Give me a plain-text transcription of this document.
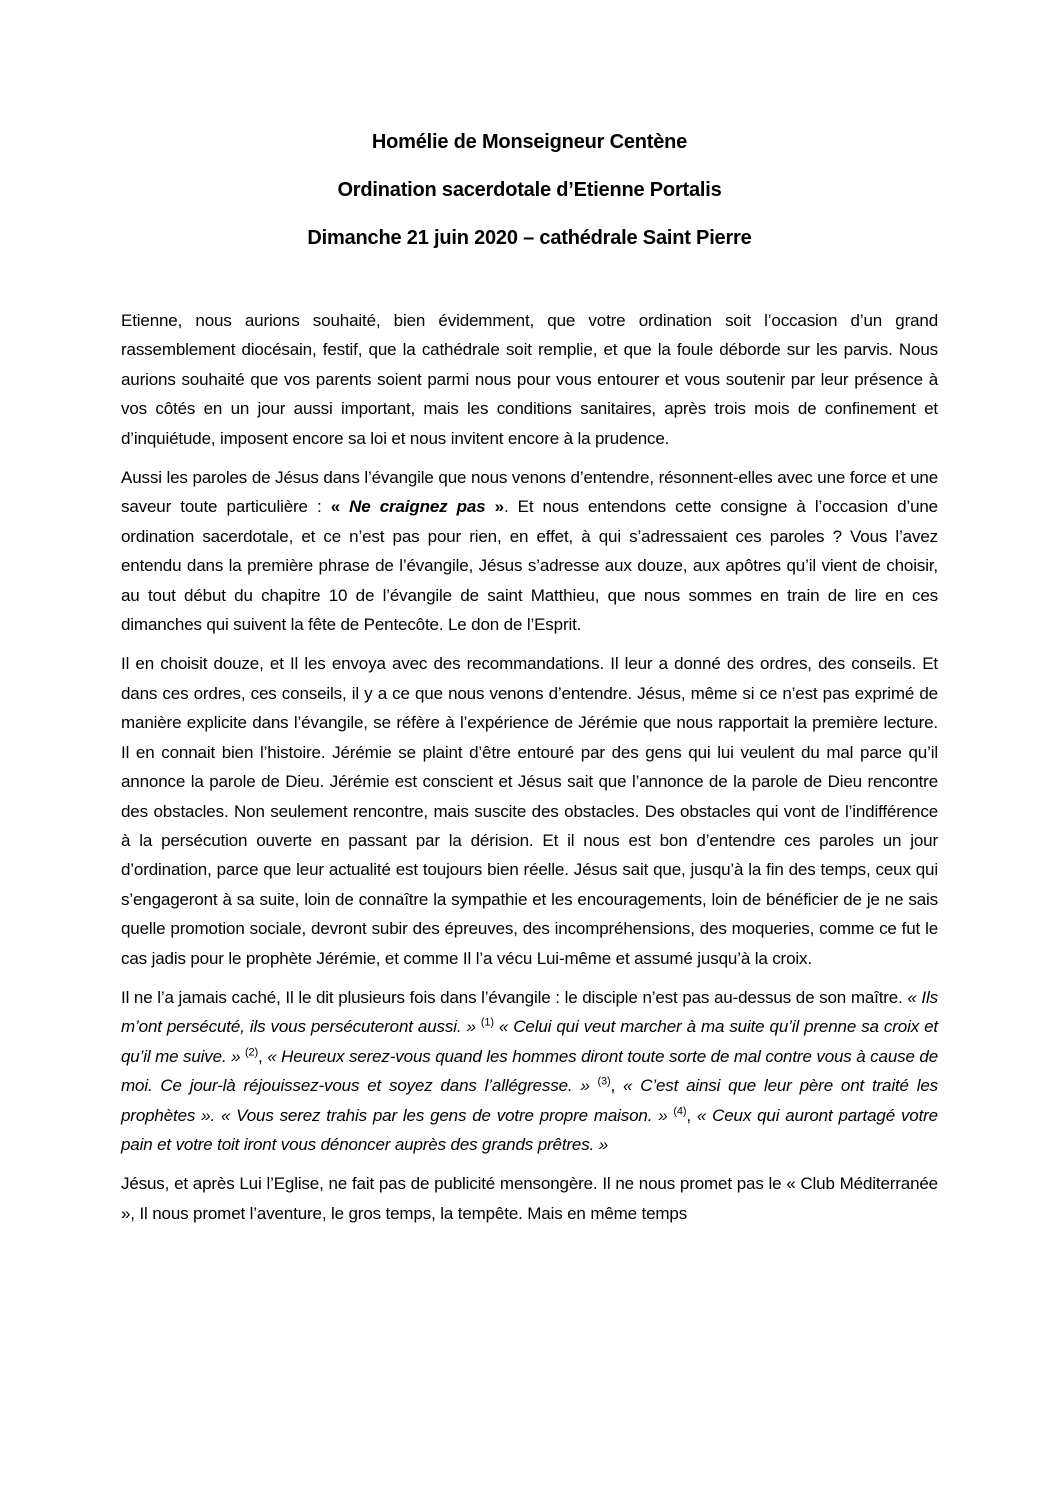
Homélie de Monseigneur Centène
Ordination sacerdotale d’Etienne Portalis
Dimanche 21 juin 2020 – cathédrale Saint Pierre

Etienne, nous aurions souhaité, bien évidemment, que votre ordination soit l’occasion d’un grand rassemblement diocésain, festif, que la cathédrale soit remplie, et que la foule déborde sur les parvis. Nous aurions souhaité que vos parents soient parmi nous pour vous entourer et vous soutenir par leur présence à vos côtés en un jour aussi important, mais les conditions sanitaires, après trois mois de confinement et d’inquiétude, imposent encore sa loi et nous invitent encore à la prudence.

Aussi les paroles de Jésus dans l’évangile que nous venons d’entendre, résonnent-elles avec une force et une saveur toute particulière : « Ne craignez pas ». Et nous entendons cette consigne à l’occasion d’une ordination sacerdotale, et ce n’est pas pour rien, en effet, à qui s’adressaient ces paroles ? Vous l’avez entendu dans la première phrase de l’évangile, Jésus s’adresse aux douze, aux apôtres qu’il vient de choisir, au tout début du chapitre 10 de l’évangile de saint Matthieu, que nous sommes en train de lire en ces dimanches qui suivent la fête de Pentecôte. Le don de l’Esprit.

Il en choisit douze, et Il les envoya avec des recommandations. Il leur a donné des ordres, des conseils. Et dans ces ordres, ces conseils, il y a ce que nous venons d’entendre. Jésus, même si ce n’est pas exprimé de manière explicite dans l’évangile, se réfère à l’expérience de Jérémie que nous rapportait la première lecture. Il en connait bien l’histoire. Jérémie se plaint d’être entouré par des gens qui lui veulent du mal parce qu’il annonce la parole de Dieu. Jérémie est conscient et Jésus sait que l’annonce de la parole de Dieu rencontre des obstacles. Non seulement rencontre, mais suscite des obstacles. Des obstacles qui vont de l’indifférence à la persécution ouverte en passant par la dérision. Et il nous est bon d’entendre ces paroles un jour d’ordination, parce que leur actualité est toujours bien réelle. Jésus sait que, jusqu’à la fin des temps, ceux qui s’engageront à sa suite, loin de connaître la sympathie et les encouragements, loin de bénéficier de je ne sais quelle promotion sociale, devront subir des épreuves, des incompréhensions, des moqueries, comme ce fut le cas jadis pour le prophète Jérémie, et comme Il l’a vécu Lui-même et assumé jusqu’à la croix.

Il ne l’a jamais caché, Il le dit plusieurs fois dans l’évangile : le disciple n’est pas au-dessus de son maître. « Ils m’ont persécuté, ils vous persécuteront aussi. » $^{(1)}$ « Celui qui veut marcher à ma suite qu’il prenne sa croix et qu’il me suive. » $^{(2)}$, « Heureux serez-vous quand les hommes diront toute sorte de mal contre vous à cause de moi. Ce jour-là réjouissez-vous et soyez dans l’allégresse. » $^{(3)}$, « C’est ainsi que leur père ont traité les prophètes ». « Vous serez trahis par les gens de votre propre maison. » $^{(4)}$, « Ceux qui auront partagé votre pain et votre toit iront vous dénoncer auprès des grands prêtres. »

Jésus, et après Lui l’Eglise, ne fait pas de publicité mensongère. Il ne nous promet pas le « Club Méditerranée », Il nous promet l’aventure, le gros temps, la tempête. Mais en même temps
